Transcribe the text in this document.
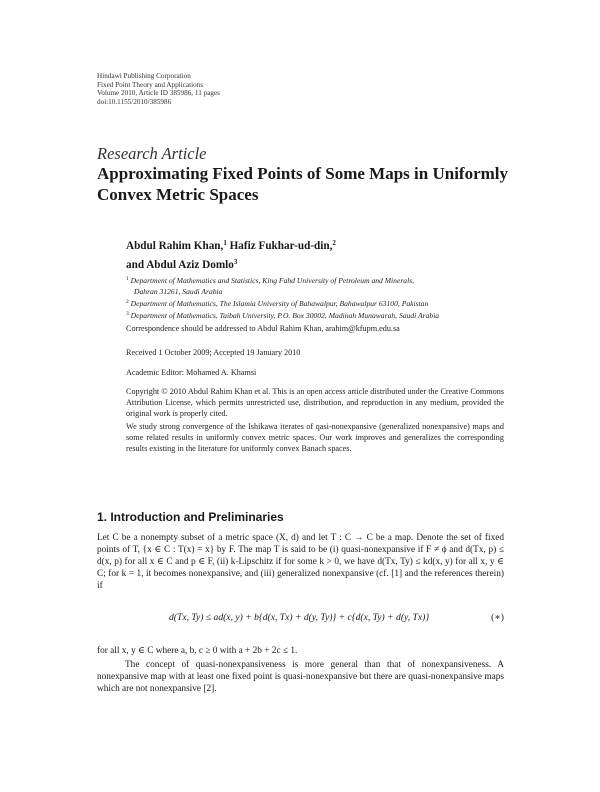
Hindawi Publishing Corporation
Fixed Point Theory and Applications
Volume 2010, Article ID 385986, 11 pages
doi:10.1155/2010/385986
Research Article
Approximating Fixed Points of Some Maps in Uniformly Convex Metric Spaces
Abdul Rahim Khan,$^1$ Hafiz Fukhar-ud-din,$^2$
and Abdul Aziz Domlo$^3$
$^1$ Department of Mathematics and Statistics, King Fahd University of Petroleum and Minerals,
Dahran 31261, Saudi Arabia
$^2$ Department of Mathematics, The Islamia University of Bahawalpur, Bahawalpur 63100, Pakistan
$^3$ Department of Mathematics, Taibah University, P.O. Box 30002, Madinah Munawarah, Saudi Arabia
Correspondence should be addressed to Abdul Rahim Khan, arahim@kfupm.edu.sa
Received 1 October 2009; Accepted 19 January 2010
Academic Editor: Mohamed A. Khamsi
Copyright © 2010 Abdul Rahim Khan et al. This is an open access article distributed under the Creative Commons Attribution License, which permits unrestricted use, distribution, and reproduction in any medium, provided the original work is properly cited.
We study strong convergence of the Ishikawa iterates of qasi-nonexpansive (generalized nonexpansive) maps and some related results in uniformly convex metric spaces. Our work improves and generalizes the corresponding results existing in the literature for uniformly convex Banach spaces.
1. Introduction and Preliminaries
Let C be a nonempty subset of a metric space (X, d) and let T : C → C be a map. Denote the set of fixed points of T, {x ∈ C : T(x) = x} by F. The map T is said to be (i) quasi-nonexpansive if F ≠ ϕ and d(Tx, p) ≤ d(x, p) for all x ∈ C and p ∈ F, (ii) k-Lipschitz if for some k > 0, we have d(Tx, Ty) ≤ kd(x, y) for all x, y ∈ C; for k = 1, it becomes nonexpansive, and (iii) generalized nonexpansive (cf. [1] and the references therein) if
d(Tx, Ty) ≤ ad(x, y) + b{d(x, Tx) + d(y, Ty)} + c{d(x, Ty) + d(y, Tx)}	(∗)
for all x, y ∈ C where a, b, c ≥ 0 with a + 2b + 2c ≤ 1.
The concept of quasi-nonexpansiveness is more general than that of nonexpansiveness. A nonexpansive map with at least one fixed point is quasi-nonexpansive but there are quasi-nonexpansive maps which are not nonexpansive [2].
